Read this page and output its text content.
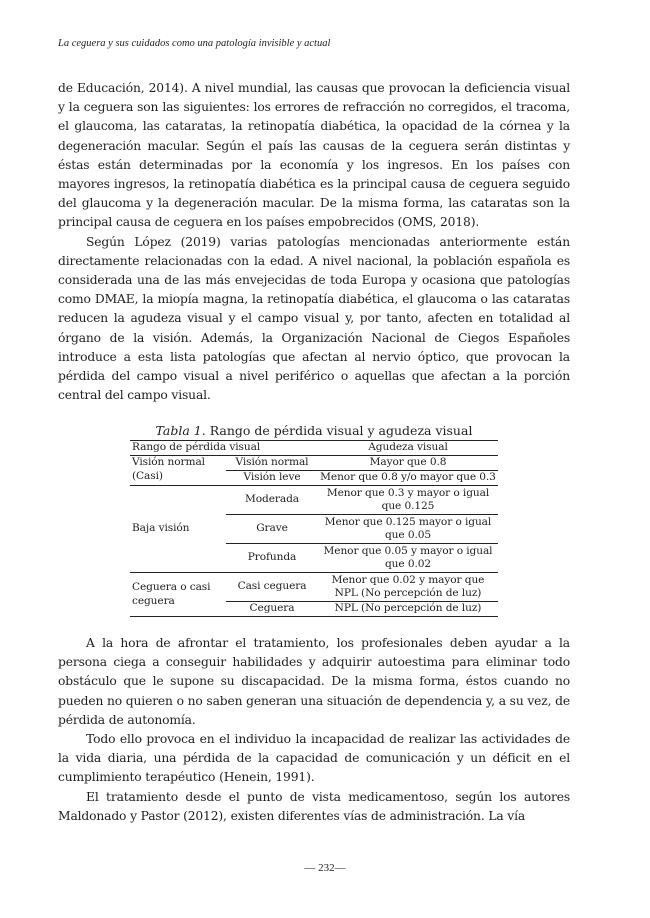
La ceguera y sus cuidados como una patología invisible y actual

de Educación, 2014). A nivel mundial, las causas que provocan la deficiencia visual y la ceguera son las siguientes: los errores de refracción no corregidos, el tracoma, el glaucoma, las cataratas, la retinopatía diabética, la opacidad de la córnea y la degeneración macular. Según el país las causas de la ceguera serán distintas y éstas están determinadas por la economía y los ingresos. En los países con mayores ingresos, la retinopatía diabética es la principal causa de ceguera seguido del glaucoma y la degeneración macular. De la misma forma, las cataratas son la principal causa de ceguera en los países empobrecidos (OMS, 2018).

Según López (2019) varias patologías mencionadas anteriormente están directamente relacionadas con la edad. A nivel nacional, la población española es considerada una de las más envejecidas de toda Europa y ocasiona que patologías como DMAE, la miopía magna, la retinopatía diabética, el glaucoma o las cataratas reducen la agudeza visual y el campo visual y, por tanto, afecten en totalidad al órgano de la visión. Además, la Organización Nacional de Ciegos Españoles introduce a esta lista patologías que afectan al nervio óptico, que provocan la pérdida del campo visual a nivel periférico o aquellas que afectan a la porción central del campo visual.

Tabla 1. Rango de pérdida visual y agudeza visual
Rango de pérdida visual		Agudeza visual
Visión normal (Casi)	Visión normal	Mayor que 0.8
	Visión leve	Menor que 0.8 y/o mayor que 0.3
Baja visión	Moderada	Menor que 0.3 y mayor o igual que 0.125
	Grave	Menor que 0.125 mayor o igual que 0.05
	Profunda	Menor que 0.05 y mayor o igual que 0.02
Ceguera o casi ceguera	Casi ceguera	Menor que 0.02 y mayor que NPL (No percepción de luz)
	Ceguera	NPL (No percepción de luz)

A la hora de afrontar el tratamiento, los profesionales deben ayudar a la persona ciega a conseguir habilidades y adquirir autoestima para eliminar todo obstáculo que le supone su discapacidad. De la misma forma, éstos cuando no pueden no quieren o no saben generan una situación de dependencia y, a su vez, de pérdida de autonomía.

Todo ello provoca en el individuo la incapacidad de realizar las actividades de la vida diaria, una pérdida de la capacidad de comunicación y un déficit en el cumplimiento terapéutico (Henein, 1991).

El tratamiento desde el punto de vista medicamentoso, según los autores Maldonado y Pastor (2012), existen diferentes vías de administración. La vía

— 232—
